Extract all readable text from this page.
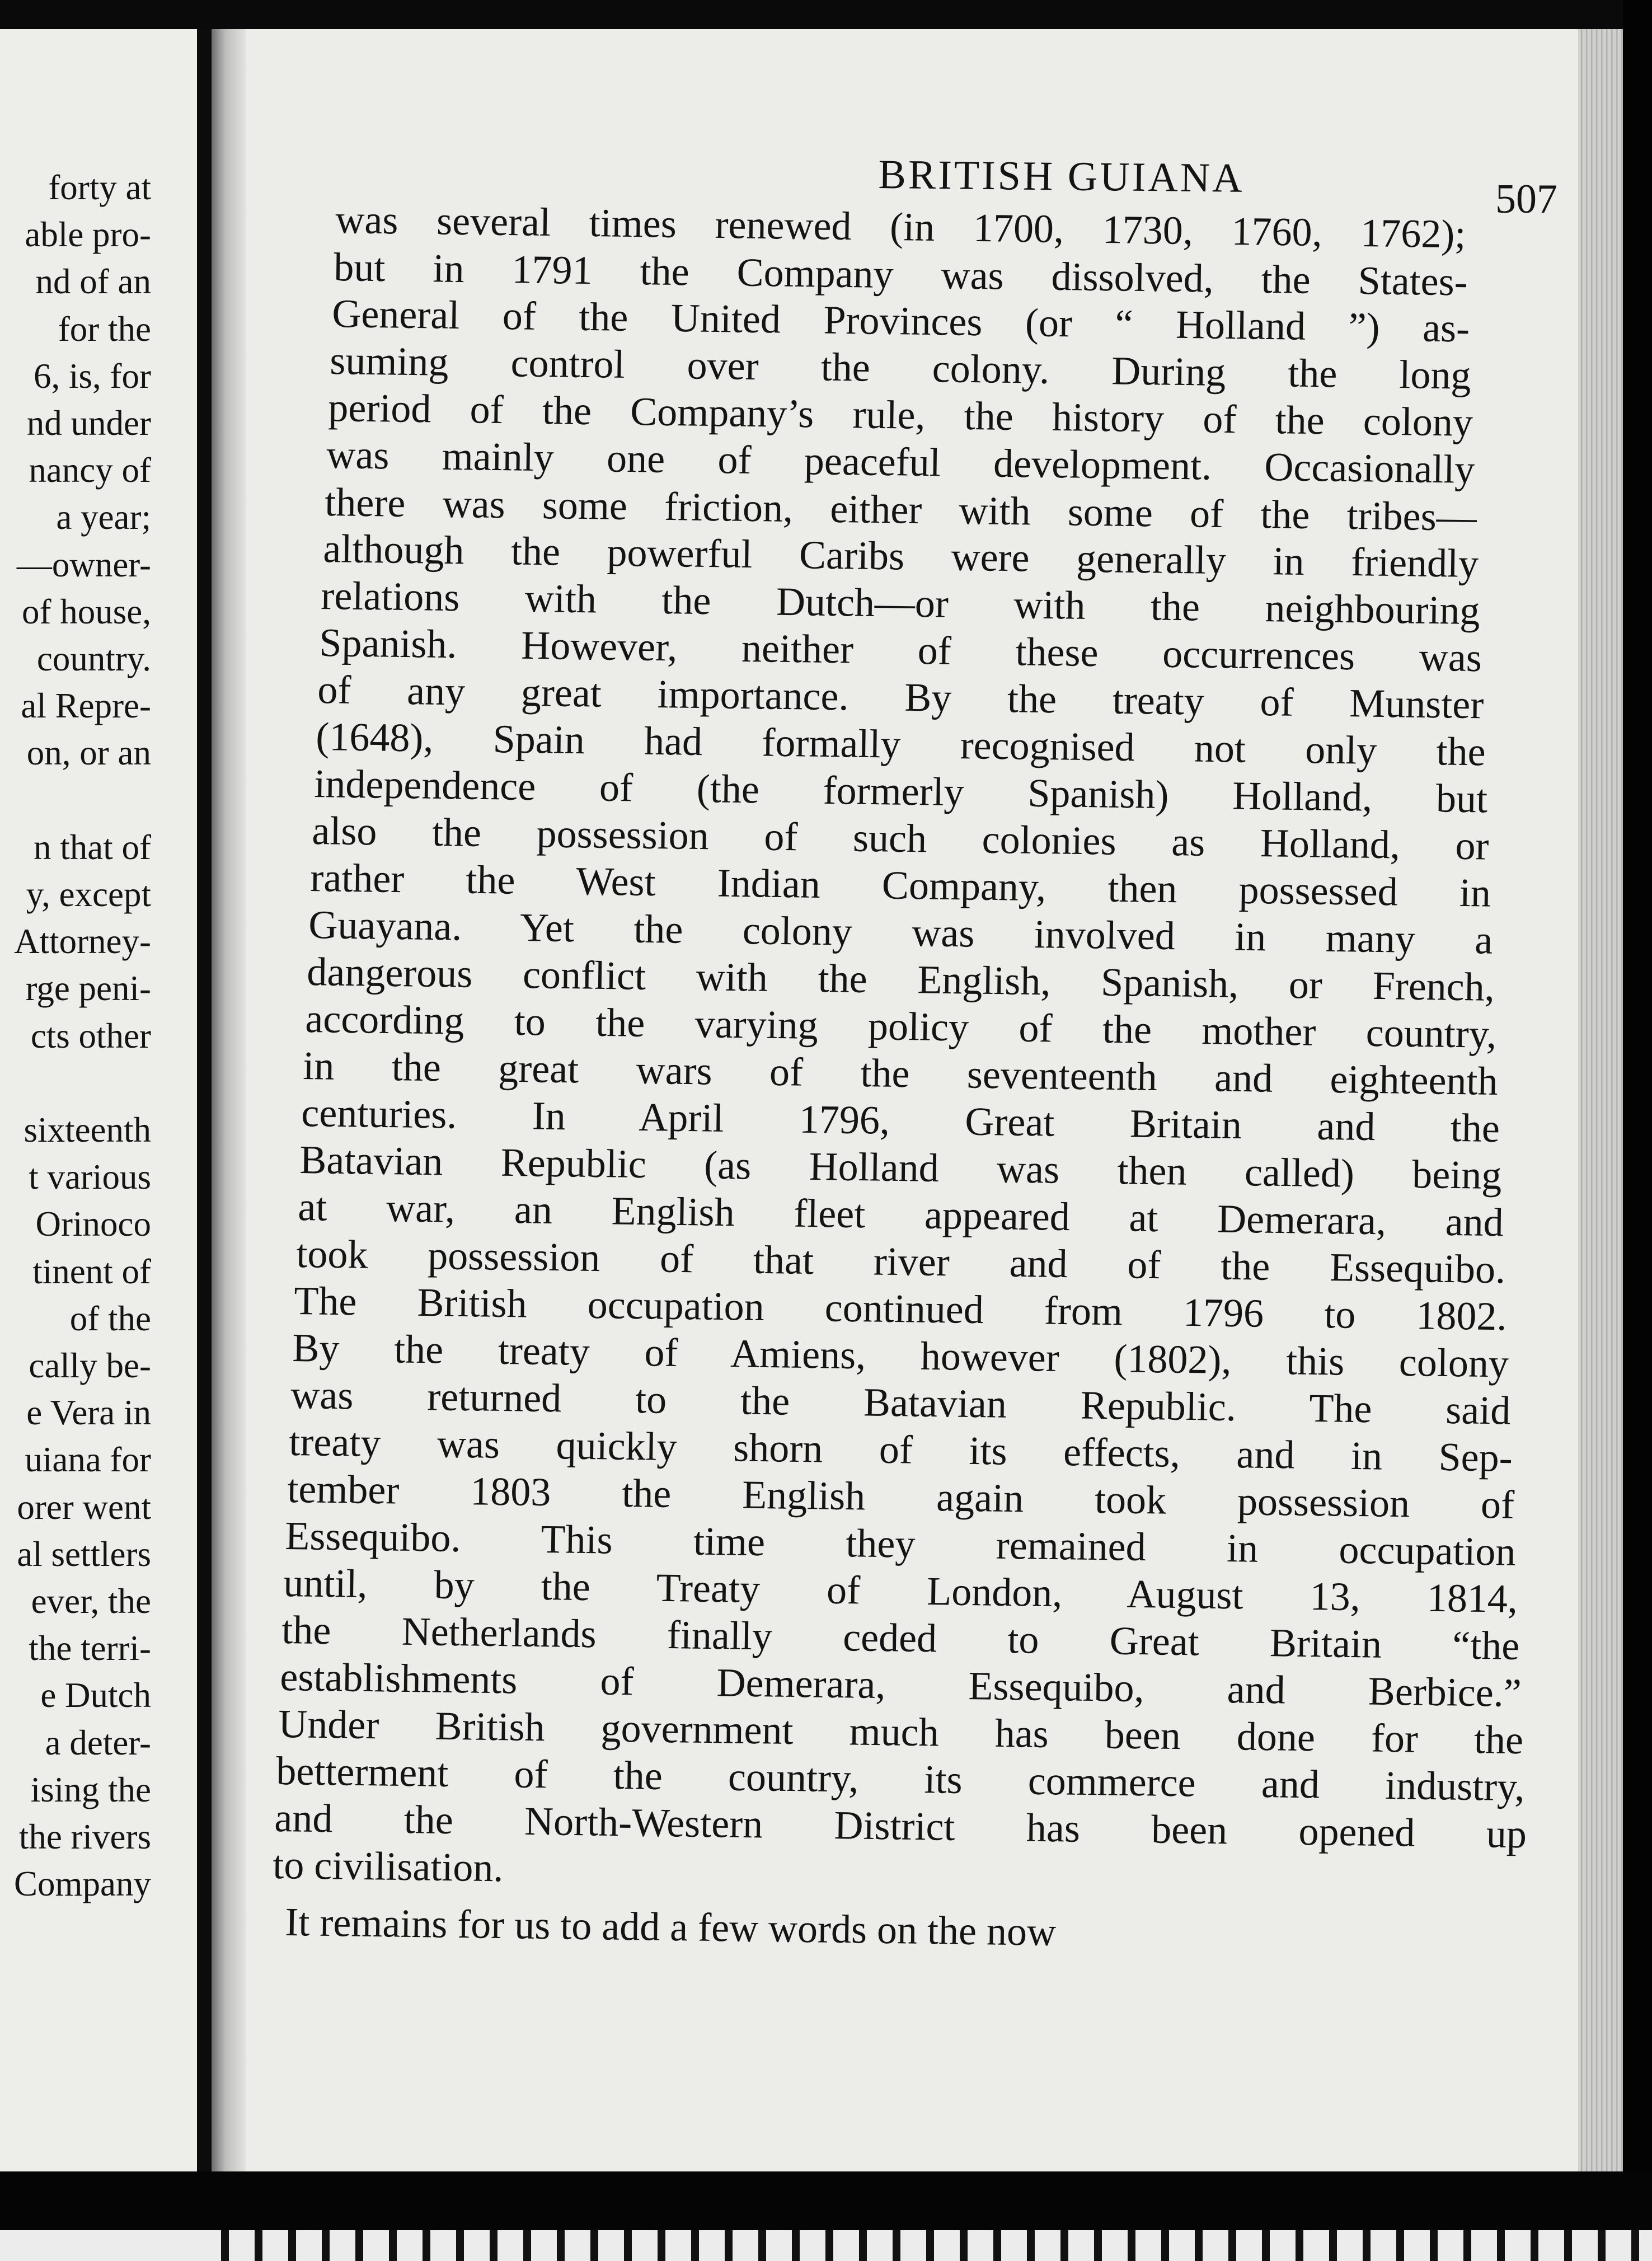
forty at
able pro-
nd of an
for the
6, is, for
nd under
nancy of
a year;
—owner-
of house,
country.
al Repre-
on, or an
n that of
y, except
Attorney-
rge peni-
cts other
sixteenth
t various
Orinoco
tinent of
of the
cally be-
e Vera in
uiana for
orer went
al settlers
ever, the
the terri-
e Dutch
a deter-
ising the
the rivers
Company
BRITISH GUIANA	507
was several times renewed (in 1700, 1730, 1760, 1762);
but in 1791 the Company was dissolved, the States-
General of the United Provinces (or “ Holland ”) as-
suming control over the colony. During the long
period of the Company’s rule, the history of the colony
was mainly one of peaceful development. Occasionally
there was some friction, either with some of the tribes—
although the powerful Caribs were generally in friendly
relations with the Dutch—or with the neighbouring
Spanish. However, neither of these occurrences was
of any great importance. By the treaty of Munster
(1648), Spain had formally recognised not only the
independence of (the formerly Spanish) Holland, but
also the possession of such colonies as Holland, or
rather the West Indian Company, then possessed in
Guayana. Yet the colony was involved in many a
dangerous conflict with the English, Spanish, or French,
according to the varying policy of the mother country,
in the great wars of the seventeenth and eighteenth
centuries. In April 1796, Great Britain and the
Batavian Republic (as Holland was then called) being
at war, an English fleet appeared at Demerara, and
took possession of that river and of the Essequibo.
The British occupation continued from 1796 to 1802.
By the treaty of Amiens, however (1802), this colony
was returned to the Batavian Republic. The said
treaty was quickly shorn of its effects, and in Sep-
tember 1803 the English again took possession of
Essequibo. This time they remained in occupation
until, by the Treaty of London, August 13, 1814,
the Netherlands finally ceded to Great Britain “the
establishments of Demerara, Essequibo, and Berbice.”
Under British government much has been done for the
betterment of the country, its commerce and industry,
and the North-Western District has been opened up
to civilisation.
It remains for us to add a few words on the now
